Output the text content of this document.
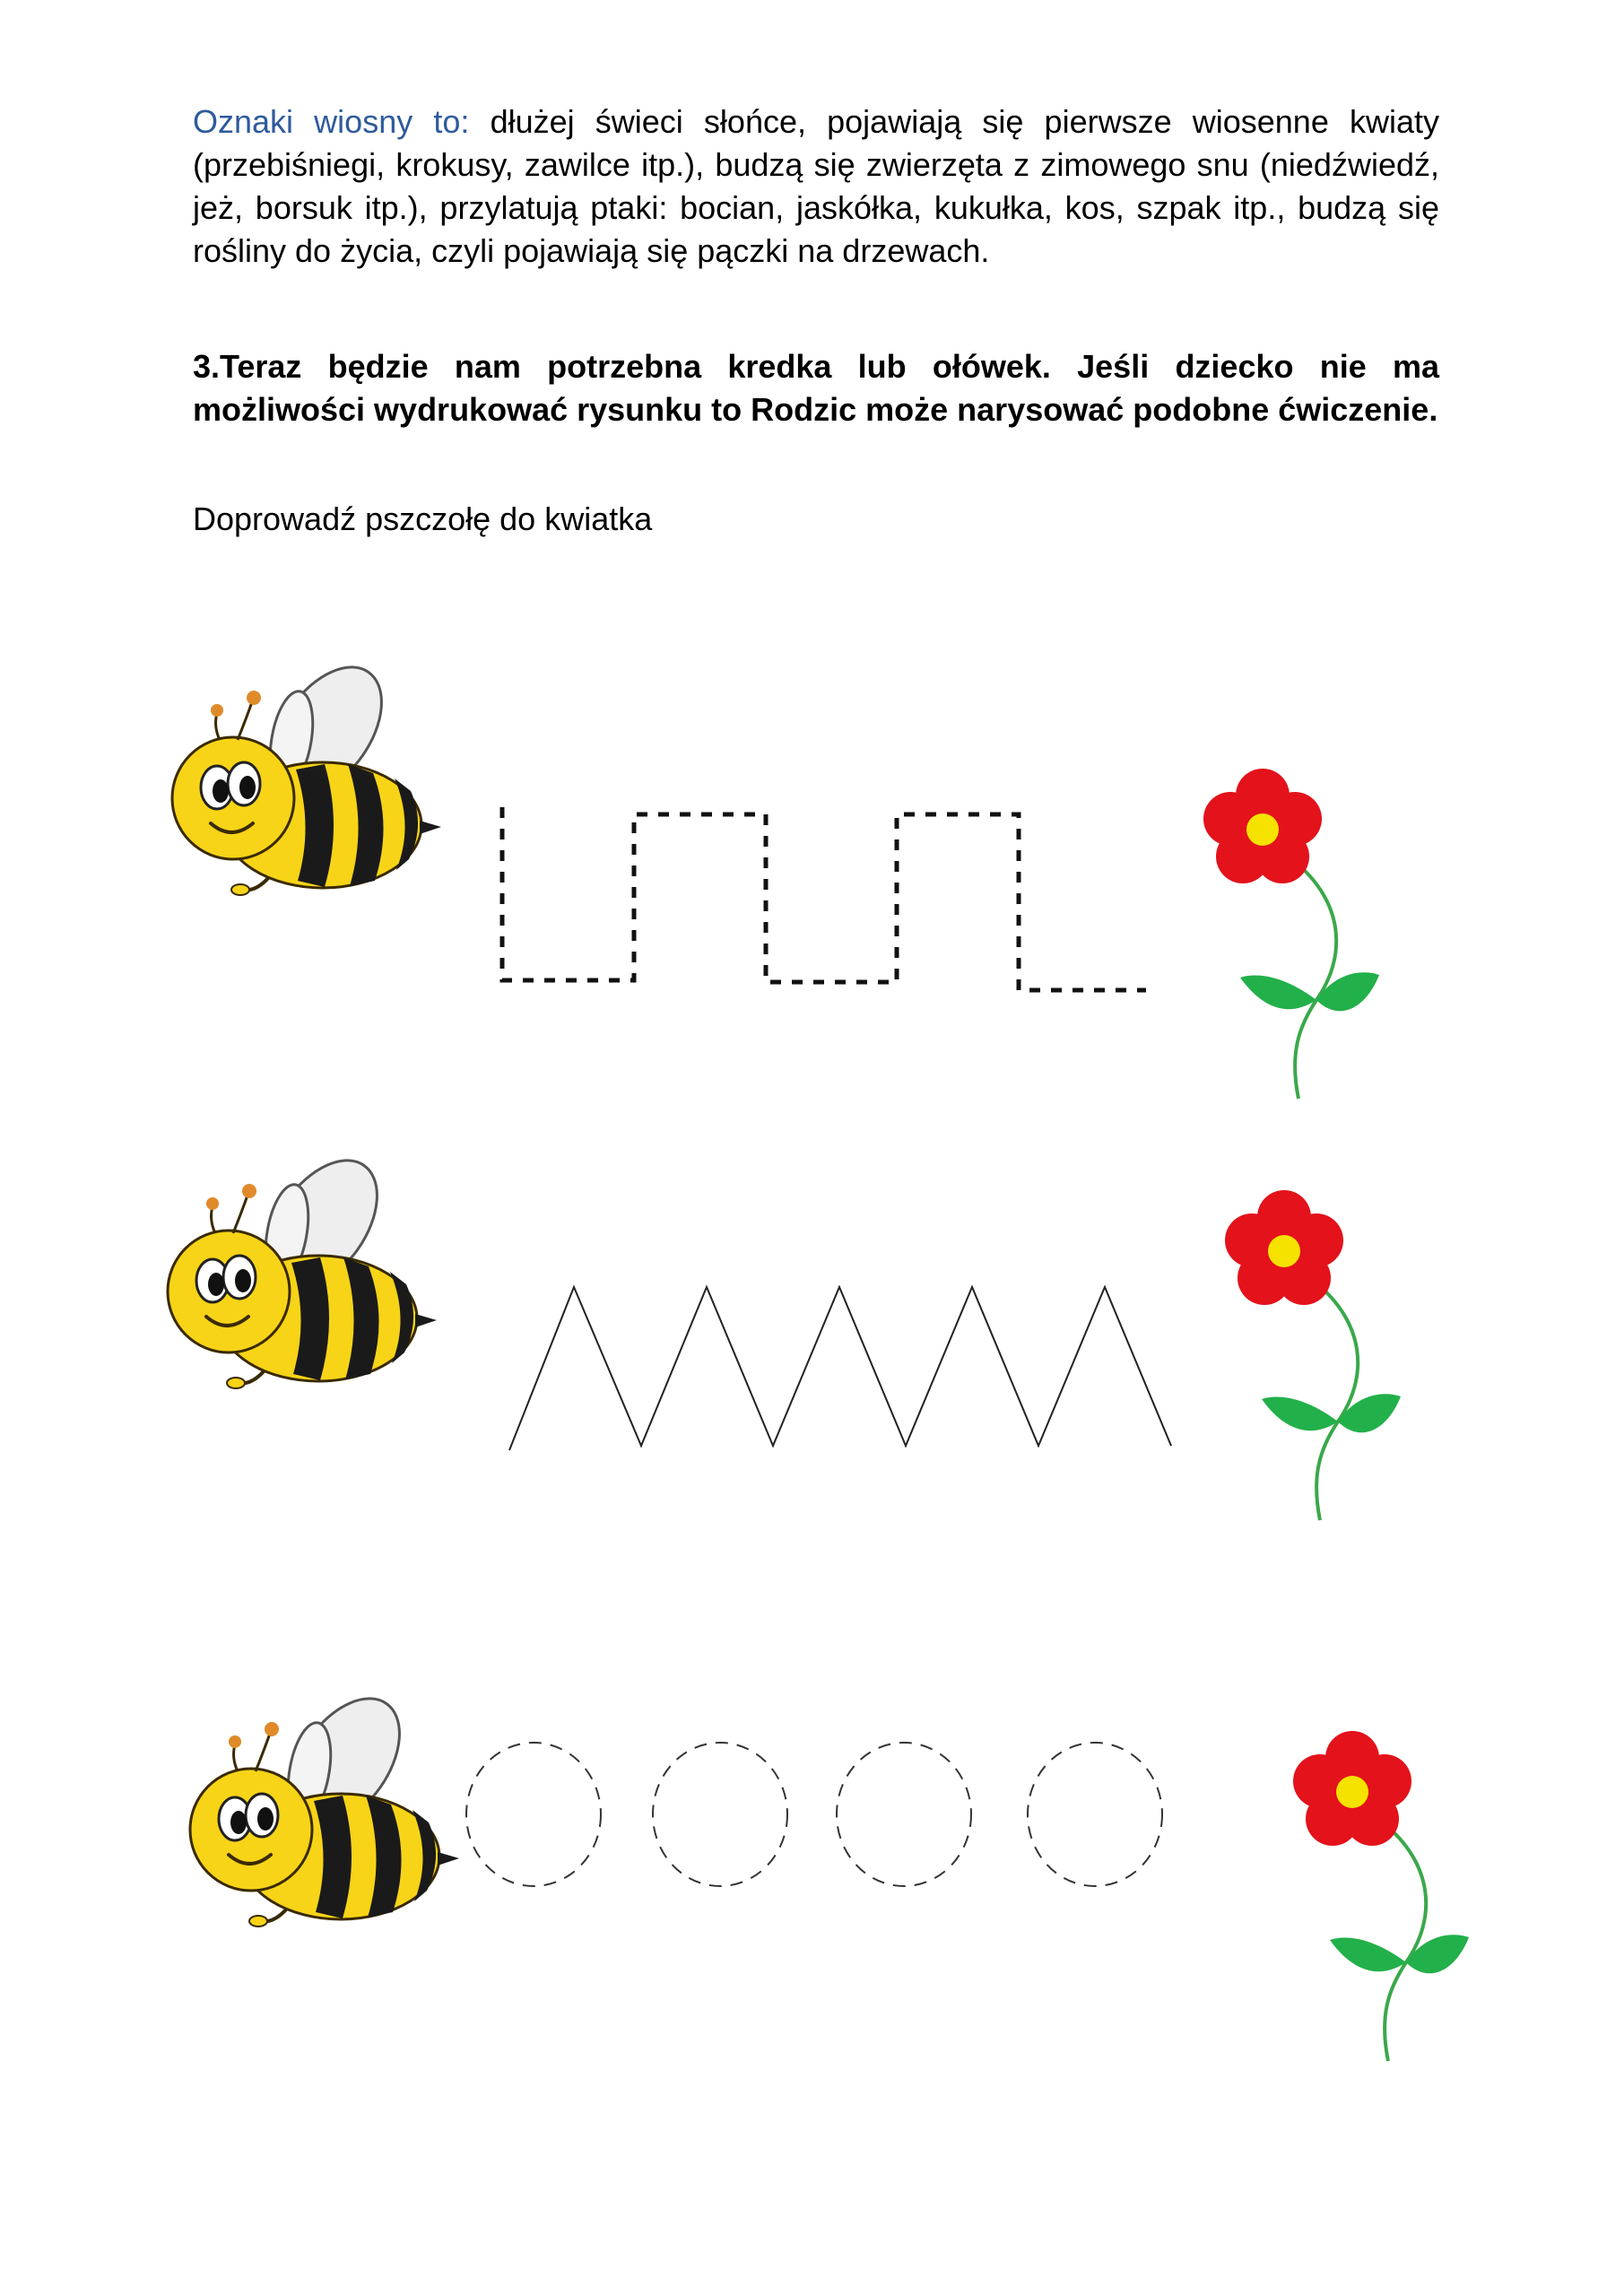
Oznaki wiosny to: dłużej świeci słońce, pojawiają się pierwsze wiosenne kwiaty (przebiśniegi, krokusy, zawilce itp.), budzą się zwierzęta z zimowego snu (niedźwiedź, jeż, borsuk itp.), przylatują ptaki: bocian, jaskółka, kukułka, kos, szpak itp., budzą się rośliny do życia, czyli pojawiają się pączki na drzewach.

3.Teraz będzie nam potrzebna kredka lub ołówek. Jeśli dziecko nie ma możliwości wydrukować rysunku to Rodzic może narysować podobne ćwiczenie.

Doprowadź pszczołę do kwiatka
